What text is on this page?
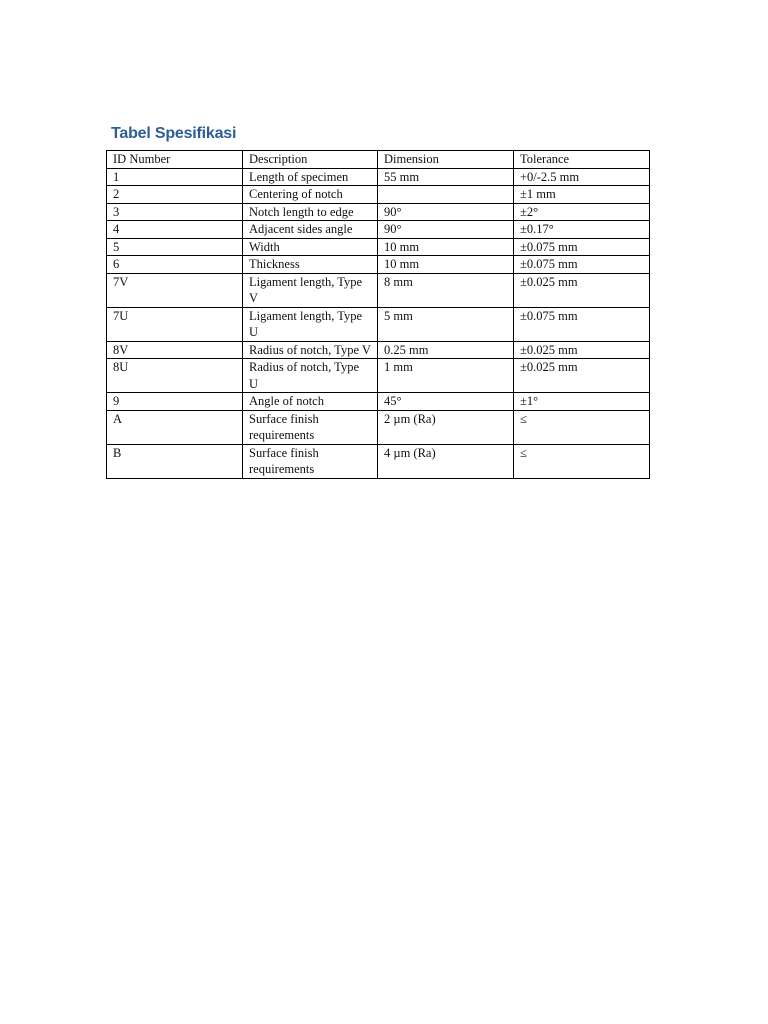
Tabel Spesifikasi
ID Number	Description	Dimension	Tolerance
1	Length of specimen	55 mm	+0/-2.5 mm
2	Centering of notch		±1 mm
3	Notch length to edge	90°	±2°
4	Adjacent sides angle	90°	±0.17°
5	Width	10 mm	±0.075 mm
6	Thickness	10 mm	±0.075 mm
7V	Ligament length, Type V	8 mm	±0.025 mm
7U	Ligament length, Type U	5 mm	±0.075 mm
8V	Radius of notch, Type V	0.25 mm	±0.025 mm
8U	Radius of notch, Type U	1 mm	±0.025 mm
9	Angle of notch	45°	±1°
A	Surface finish requirements	2 µm (Ra)	≤
B	Surface finish requirements	4 µm (Ra)	≤
